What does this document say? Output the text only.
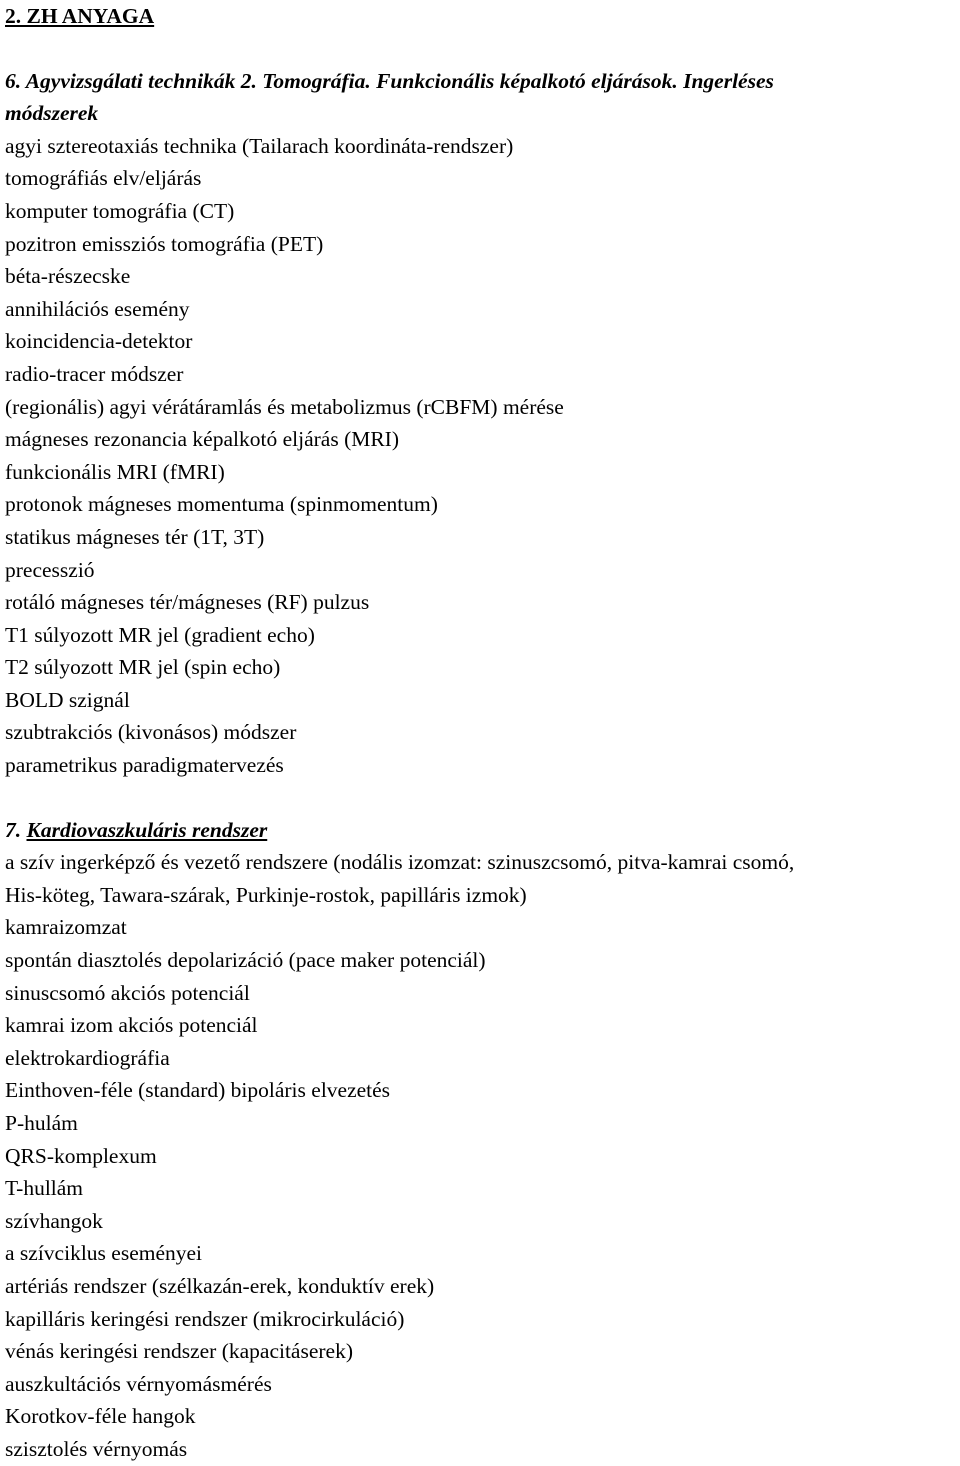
2. ZH ANYAGA
6. Agyvizsgálati technikák 2. Tomográfia. Funkcionális képalkotó eljárások. Ingerléses
módszerek
agyi sztereotaxiás technika (Tailarach koordináta-rendszer)
tomográfiás elv/eljárás
komputer tomográfia (CT)
pozitron emissziós tomográfia (PET)
béta-részecske
annihilációs esemény
koincidencia-detektor
radio-tracer módszer
(regionális) agyi vérátáramlás és metabolizmus (rCBFM) mérése
mágneses rezonancia képalkotó eljárás (MRI)
funkcionális MRI (fMRI)
protonok mágneses momentuma (spinmomentum)
statikus mágneses tér (1T, 3T)
precesszió
rotáló mágneses tér/mágneses (RF) pulzus
T1 súlyozott MR jel (gradient echo)
T2 súlyozott MR jel (spin echo)
BOLD szignál
szubtrakciós (kivonásos) módszer
parametrikus paradigmatervezés
7. Kardiovaszkuláris rendszer
a szív ingerképző és vezető rendszere (nodális izomzat: szinuszcsomó, pitva-kamrai csomó,
His-köteg, Tawara-szárak, Purkinje-rostok, papilláris izmok)
kamraizomzat
spontán diasztolés depolarizáció (pace maker potenciál)
sinuscsomó akciós potenciál
kamrai izom akciós potenciál
elektrokardiográfia
Einthoven-féle (standard) bipoláris elvezetés
P-hulám
QRS-komplexum
T-hullám
szívhangok
a szívciklus eseményei
artériás rendszer (szélkazán-erek, konduktív erek)
kapilláris keringési rendszer (mikrocirkuláció)
vénás keringési rendszer (kapacitáserek)
auszkultációs vérnyomásmérés
Korotkov-féle hangok
szisztolés vérnyomás
